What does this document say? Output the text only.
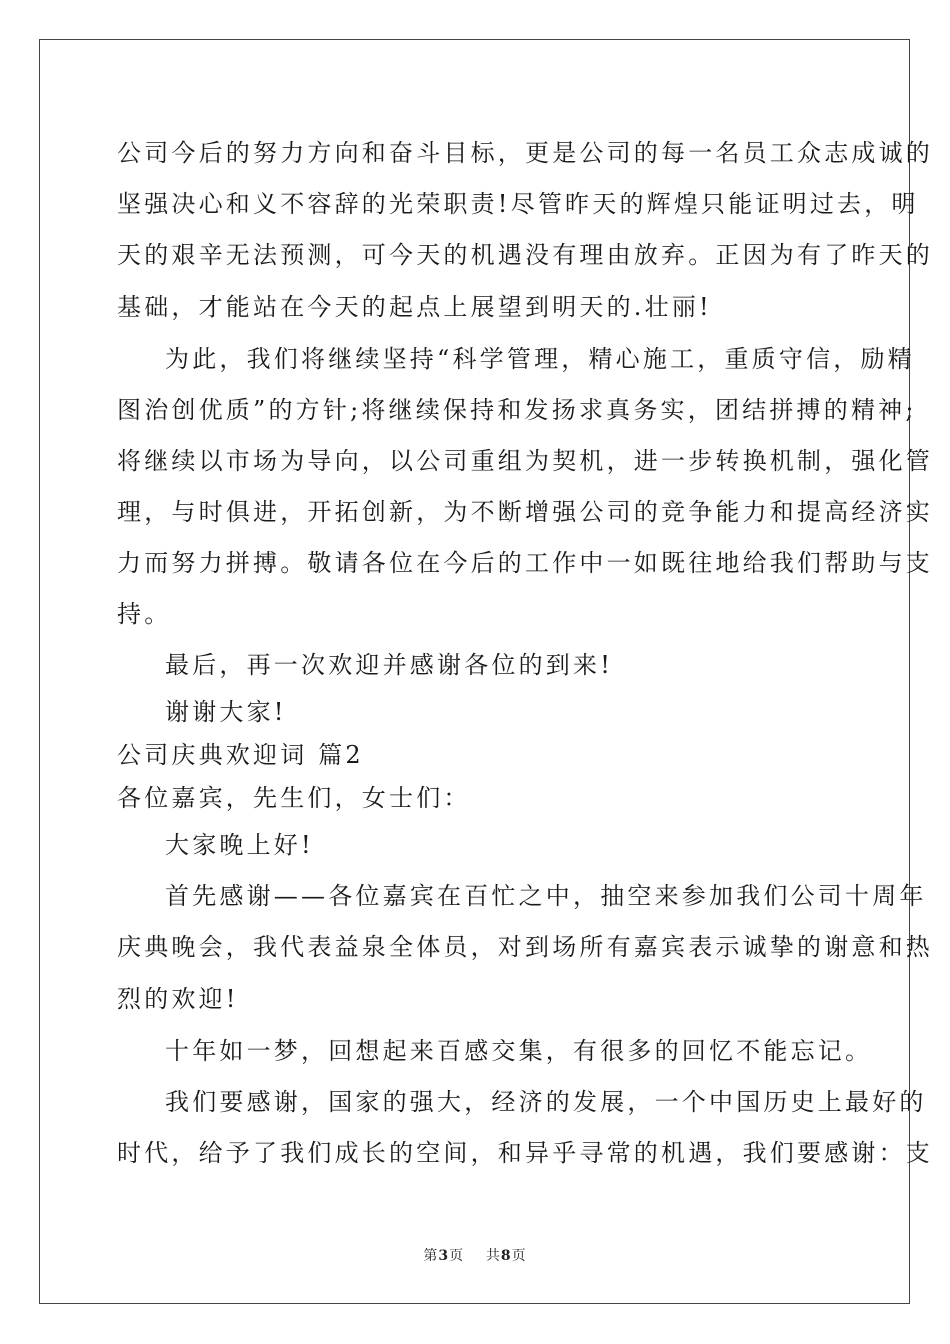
公司今后的努力方向和奋斗目标，更是公司的每一名员工众志成诚的
坚强决心和义不容辞的光荣职责!尽管昨天的辉煌只能证明过去，明
天的艰辛无法预测，可今天的机遇没有理由放弃。正因为有了昨天的
基础，才能站在今天的起点上展望到明天的.壮丽!
为此，我们将继续坚持“科学管理，精心施工，重质守信，励精
图治创优质”的方针;将继续保持和发扬求真务实，团结拼搏的精神;
将继续以市场为导向，以公司重组为契机，进一步转换机制，强化管
理，与时俱进，开拓创新，为不断增强公司的竞争能力和提高经济实
力而努力拼搏。敬请各位在今后的工作中一如既往地给我们帮助与支
持。
最后，再一次欢迎并感谢各位的到来!
谢谢大家!
公司庆典欢迎词 篇2
各位嘉宾，先生们，女士们：
大家晚上好!
首先感谢——各位嘉宾在百忙之中，抽空来参加我们公司十周年
庆典晚会，我代表益泉全体员，对到场所有嘉宾表示诚挚的谢意和热
烈的欢迎!
十年如一梦，回想起来百感交集，有很多的回忆不能忘记。
我们要感谢，国家的强大，经济的发展，一个中国历史上最好的
时代，给予了我们成长的空间，和异乎寻常的机遇，我们要感谢：支
第3页 共8页
